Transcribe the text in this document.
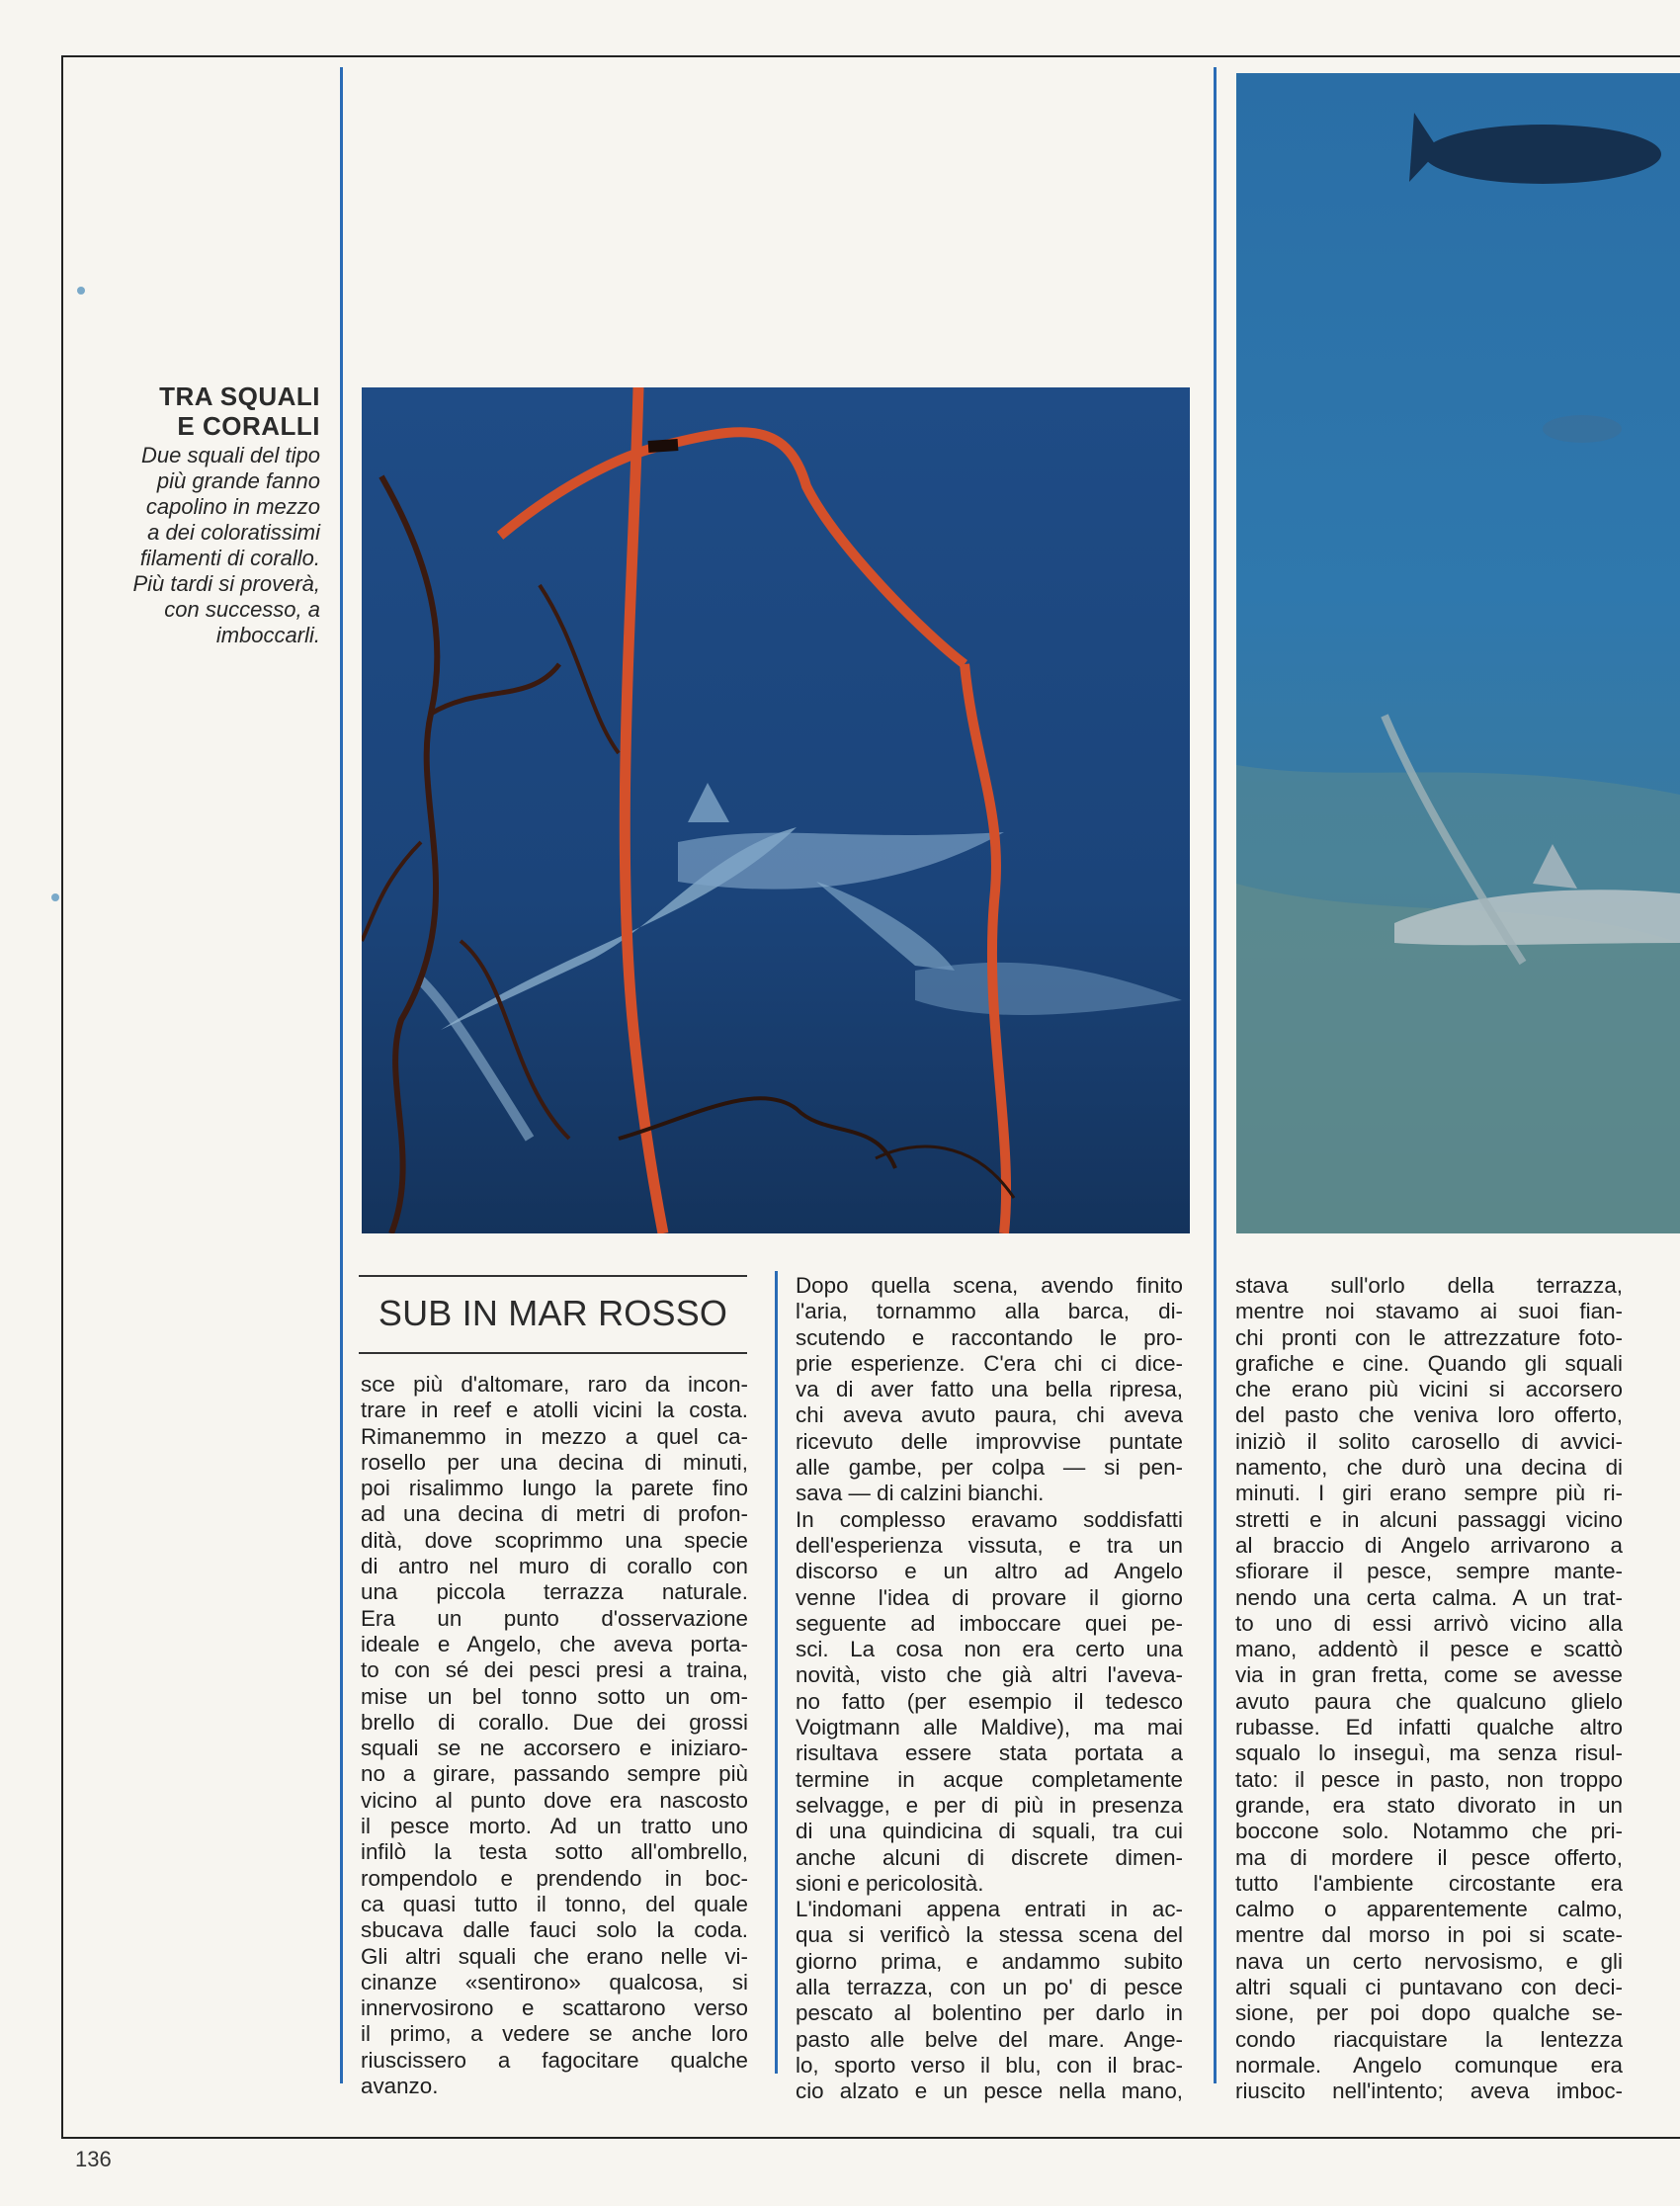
TRA SQUALI
E CORALLI
Due squali del tipo
più grande fanno
capolino in mezzo
a dei coloratissimi
filamenti di corallo.
Più tardi si proverà,
con successo, a
imboccarli.
SUB IN MAR ROSSO
sce più d'altomare, raro da incon-
trare in reef e atolli vicini la costa.
Rimanemmo in mezzo a quel ca-
rosello per una decina di minuti,
poi risalimmo lungo la parete fino
ad una decina di metri di profon-
dità, dove scoprimmo una specie
di antro nel muro di corallo con
una piccola terrazza naturale.
Era un punto d'osservazione
ideale e Angelo, che aveva porta-
to con sé dei pesci presi a traina,
mise un bel tonno sotto un om-
brello di corallo. Due dei grossi
squali se ne accorsero e iniziaro-
no a girare, passando sempre più
vicino al punto dove era nascosto
il pesce morto. Ad un tratto uno
infilò la testa sotto all'ombrello,
rompendolo e prendendo in boc-
ca quasi tutto il tonno, del quale
sbucava dalle fauci solo la coda.
Gli altri squali che erano nelle vi-
cinanze «sentirono» qualcosa, si
innervosirono e scattarono verso
il primo, a vedere se anche loro
riuscissero a fagocitare qualche
avanzo.
Dopo quella scena, avendo finito
l'aria, tornammo alla barca, di-
scutendo e raccontando le pro-
prie esperienze. C'era chi ci dice-
va di aver fatto una bella ripresa,
chi aveva avuto paura, chi aveva
ricevuto delle improvvise puntate
alle gambe, per colpa — si pen-
sava — di calzini bianchi.
In complesso eravamo soddisfatti
dell'esperienza vissuta, e tra un
discorso e un altro ad Angelo
venne l'idea di provare il giorno
seguente ad imboccare quei pe-
sci. La cosa non era certo una
novità, visto che già altri l'aveva-
no fatto (per esempio il tedesco
Voigtmann alle Maldive), ma mai
risultava essere stata portata a
termine in acque completamente
selvagge, e per di più in presenza
di una quindicina di squali, tra cui
anche alcuni di discrete dimen-
sioni e pericolosità.
L'indomani appena entrati in ac-
qua si verificò la stessa scena del
giorno prima, e andammo subito
alla terrazza, con un po' di pesce
pescato al bolentino per darlo in
pasto alle belve del mare. Ange-
lo, sporto verso il blu, con il brac-
cio alzato e un pesce nella mano,
stava sull'orlo della terrazza,
mentre noi stavamo ai suoi fian-
chi pronti con le attrezzature foto-
grafiche e cine. Quando gli squali
che erano più vicini si accorsero
del pasto che veniva loro offerto,
iniziò il solito carosello di avvici-
namento, che durò una decina di
minuti. I giri erano sempre più ri-
stretti e in alcuni passaggi vicino
al braccio di Angelo arrivarono a
sfiorare il pesce, sempre mante-
nendo una certa calma. A un trat-
to uno di essi arrivò vicino alla
mano, addentò il pesce e scattò
via in gran fretta, come se avesse
avuto paura che qualcuno glielo
rubasse. Ed infatti qualche altro
squalo lo inseguì, ma senza risul-
tato: il pesce in pasto, non troppo
grande, era stato divorato in un
boccone solo. Notammo che pri-
ma di mordere il pesce offerto,
tutto l'ambiente circostante era
calmo o apparentemente calmo,
mentre dal morso in poi si scate-
nava un certo nervosismo, e gli
altri squali ci puntavano con deci-
sione, per poi dopo qualche se-
condo riacquistare la lentezza
normale. Angelo comunque era
riuscito nell'intento; aveva imboc-
136
